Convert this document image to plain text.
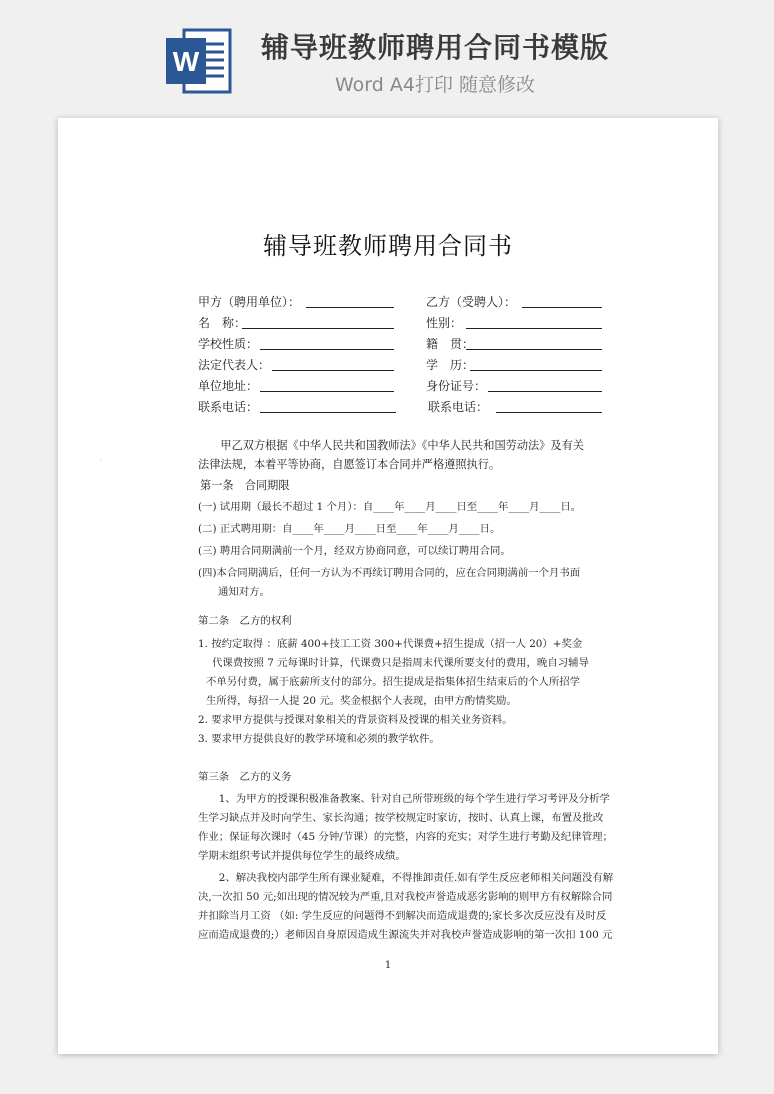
W 辅导班教师聘用合同书模版
Word A4打印 随意修改
·
辅导班教师聘用合同书
甲方（聘用单位）：	乙方（受聘人）：
名　称：	性别：
学校性质：	籍　贯：
法定代表人：	学　历：
单位地址：	身份证号：
联系电话：	联系电话：

甲乙双方根据《中华人民共和国教师法》《中华人民共和国劳动法》及有关

法律法规，本着平等协商，自愿签订本合同并严格遵照执行。

第一条　合同期限

(一) 试用期（最长不超过 1 个月）：自____年____月____日至____年____月____日。

(二) 正式聘用期：自____年____月____日至____年____月____日。

(三) 聘用合同期满前一个月，经双方协商同意，可以续订聘用合同。

(四)本合同期满后，任何一方认为不再续订聘用合同的，应在合同期满前一个月书面

通知对方。

第二条　乙方的权利

1. 按约定取得 ：底薪 400+技工工资 300+代课费+招生提成（招一人 20）+奖金

代课费按照 7 元每课时计算，代课费只是指周末代课所要支付的费用，晚自习辅导

不单另付费，属于底薪所支付的部分。招生提成是指集体招生结束后的个人所招学

生所得，每招一人提 20 元。奖金根据个人表现，由甲方酌情奖励。

2. 要求甲方提供与授课对象相关的背景资料及授课的相关业务资料。

3. 要求甲方提供良好的教学环境和必须的教学软件。

第三条　乙方的义务

1、为甲方的授课积极准备教案、针对自己所带班级的每个学生进行学习考评及分析学

生学习缺点并及时向学生、家长沟通；按学校规定时家访，按时、认真上课，布置及批改

作业；保证每次课时（45 分钟/节课）的完整，内容的充实；对学生进行考勤及纪律管理；

学期末组织考试并提供每位学生的最终成绩。

2、解决我校内部学生所有课业疑难，不得推卸责任.如有学生反应老师相关问题没有解

决,一次扣 50 元;如出现的情况较为严重,且对我校声誉造成恶劣影响的则甲方有权解除合同

并扣除当月工资 （如: 学生反应的问题得不到解决而造成退费的;家长多次反应没有及时反

应而造成退费的;）老师因自身原因造成生源流失并对我校声誉造成影响的第一次扣 100 元

1
